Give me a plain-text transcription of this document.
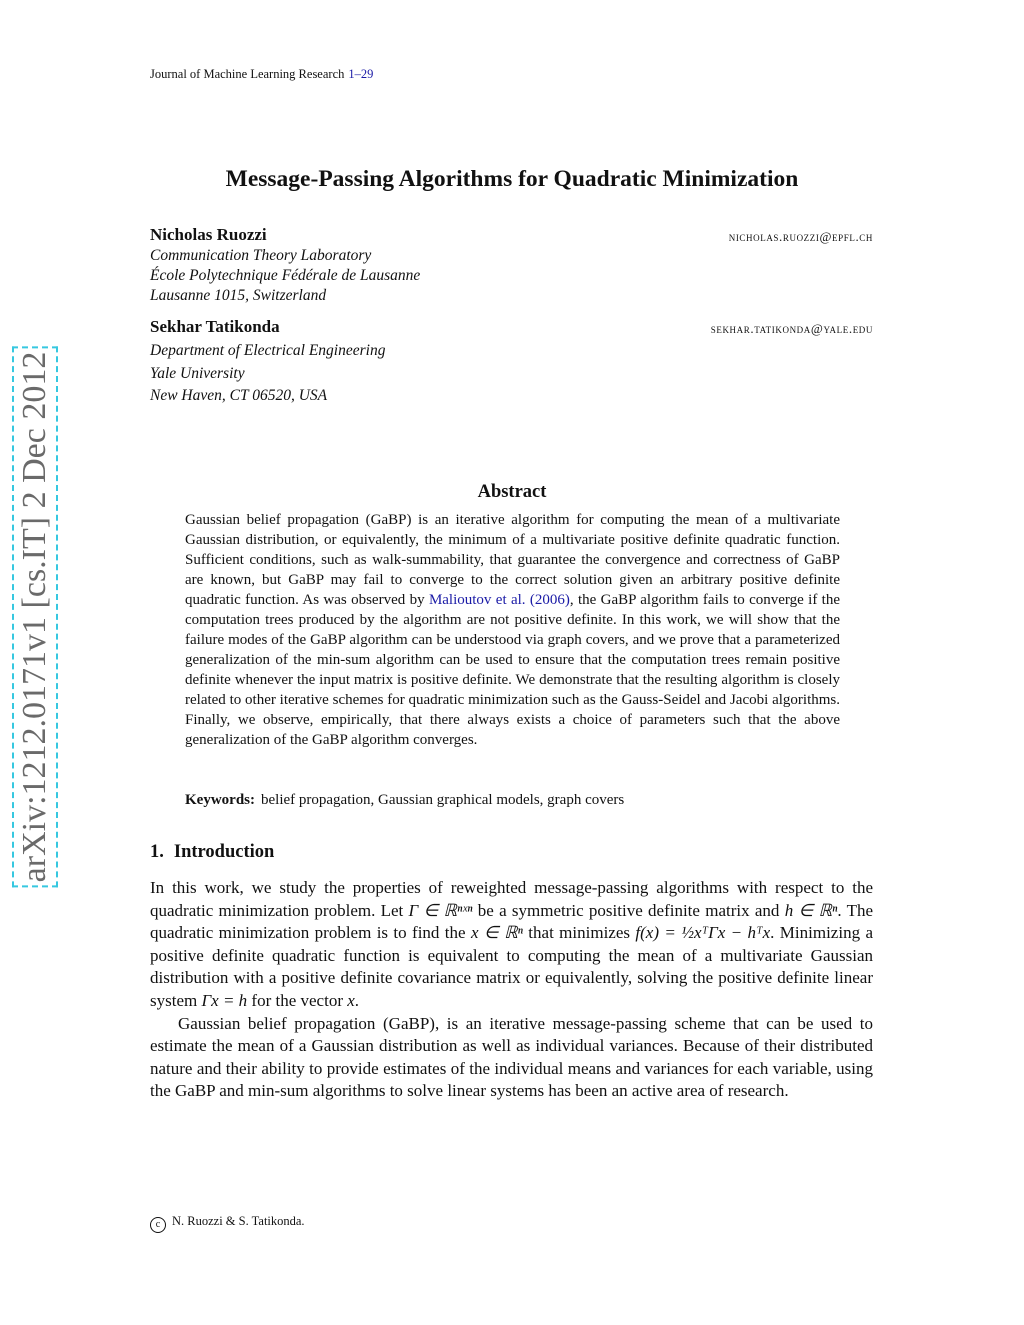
Journal of Machine Learning Research 1–29
Message-Passing Algorithms for Quadratic Minimization
Nicholas Ruozzi	nicholas.ruozzi@epfl.ch
Communication Theory Laboratory
École Polytechnique Fédérale de Lausanne
Lausanne 1015, Switzerland
Sekhar Tatikonda	sekhar.tatikonda@yale.edu
Department of Electrical Engineering
Yale University
New Haven, CT 06520, USA
Abstract
Gaussian belief propagation (GaBP) is an iterative algorithm for computing the mean of a multivariate Gaussian distribution, or equivalently, the minimum of a multivariate positive definite quadratic function. Sufficient conditions, such as walk-summability, that guarantee the convergence and correctness of GaBP are known, but GaBP may fail to converge to the correct solution given an arbitrary positive definite quadratic function. As was observed by Malioutov et al. (2006), the GaBP algorithm fails to converge if the computation trees produced by the algorithm are not positive definite. In this work, we will show that the failure modes of the GaBP algorithm can be understood via graph covers, and we prove that a parameterized generalization of the min-sum algorithm can be used to ensure that the computation trees remain positive definite whenever the input matrix is positive definite. We demonstrate that the resulting algorithm is closely related to other iterative schemes for quadratic minimization such as the Gauss-Seidel and Jacobi algorithms. Finally, we observe, empirically, that there always exists a choice of parameters such that the above generalization of the GaBP algorithm converges.
Keywords: belief propagation, Gaussian graphical models, graph covers
1. Introduction

In this work, we study the properties of reweighted message-passing algorithms with respect to the quadratic minimization problem. Let Γ ∈ ℝⁿˣⁿ be a symmetric positive definite matrix and h ∈ ℝⁿ. The quadratic minimization problem is to find the x ∈ ℝⁿ that minimizes f(x) = ½xᵀΓx − hᵀx. Minimizing a positive definite quadratic function is equivalent to computing the mean of a multivariate Gaussian distribution with a positive definite covariance matrix or equivalently, solving the positive definite linear system Γx = h for the vector x.

Gaussian belief propagation (GaBP), is an iterative message-passing scheme that can be used to estimate the mean of a Gaussian distribution as well as individual variances. Because of their distributed nature and their ability to provide estimates of the individual means and variances for each variable, using the GaBP and min-sum algorithms to solve linear systems has been an active area of research.

c N. Ruozzi & S. Tatikonda.
arXiv:1212.0171v1 [cs.IT] 2 Dec 2012
